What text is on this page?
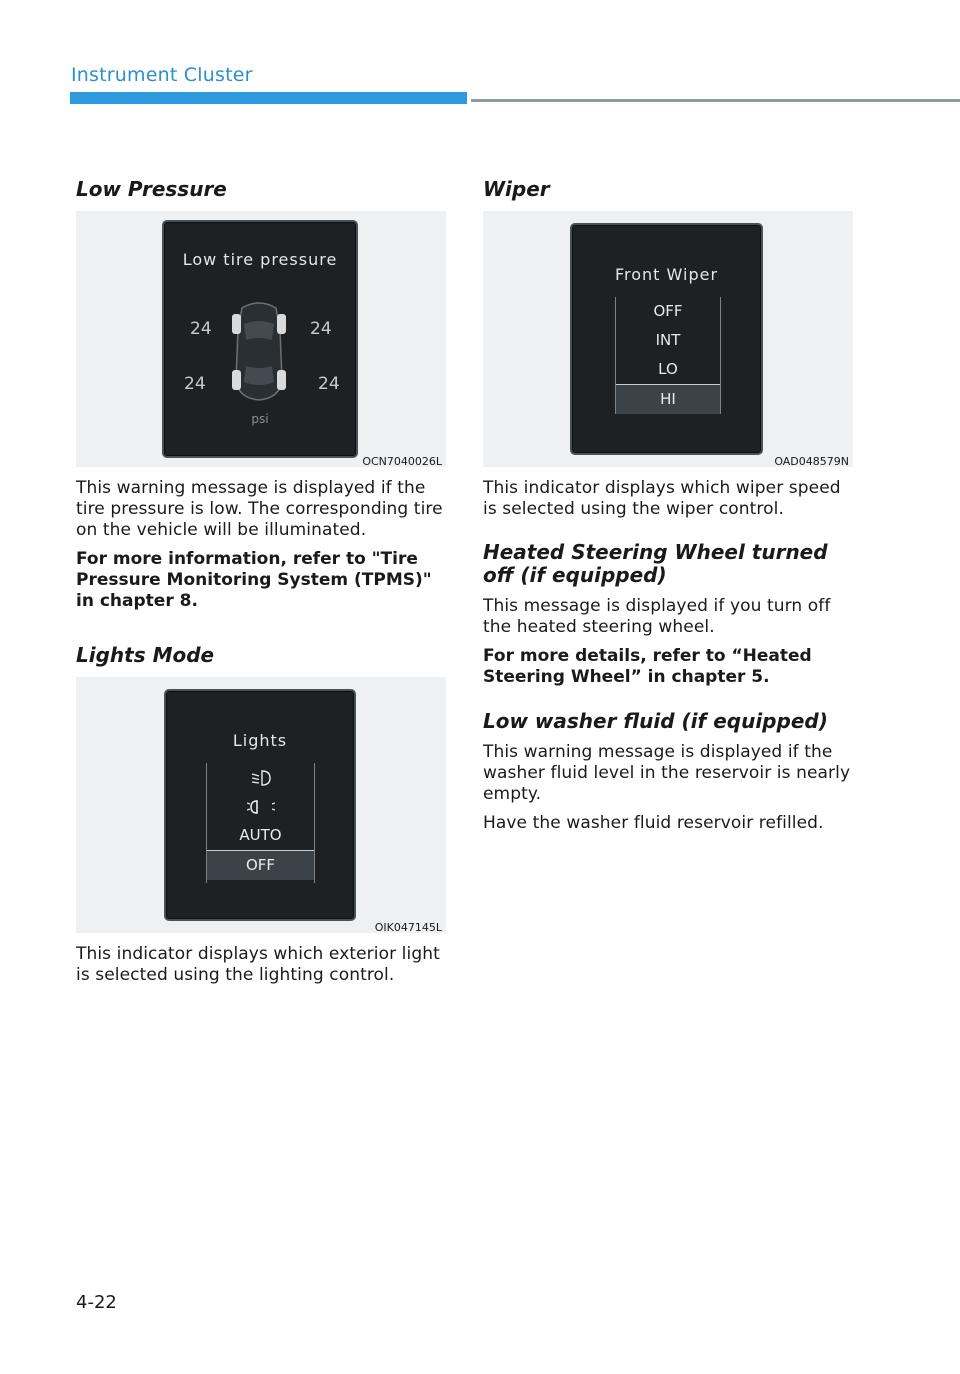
Instrument Cluster
Low Pressure
Low tire pressure
24	24
24	24
psi
OCN7040026L

This warning message is displayed if the tire pressure is low. The corresponding tire on the vehicle will be illuminated.

For more information, refer to "Tire Pressure Monitoring System (TPMS)" in chapter 8.

Lights Mode
Lights
AUTO
OFF
OIK047145L

This indicator displays which exterior light is selected using the lighting control.

Wiper
Front Wiper
OFF
INT
LO
HI
OAD048579N

This indicator displays which wiper speed is selected using the wiper control.

Heated Steering Wheel turned off (if equipped)

This message is displayed if you turn off the heated steering wheel.

For more details, refer to “Heated Steering Wheel” in chapter 5.

Low washer fluid (if equipped)

This warning message is displayed if the washer fluid level in the reservoir is nearly empty.

Have the washer fluid reservoir refilled.

4-22
